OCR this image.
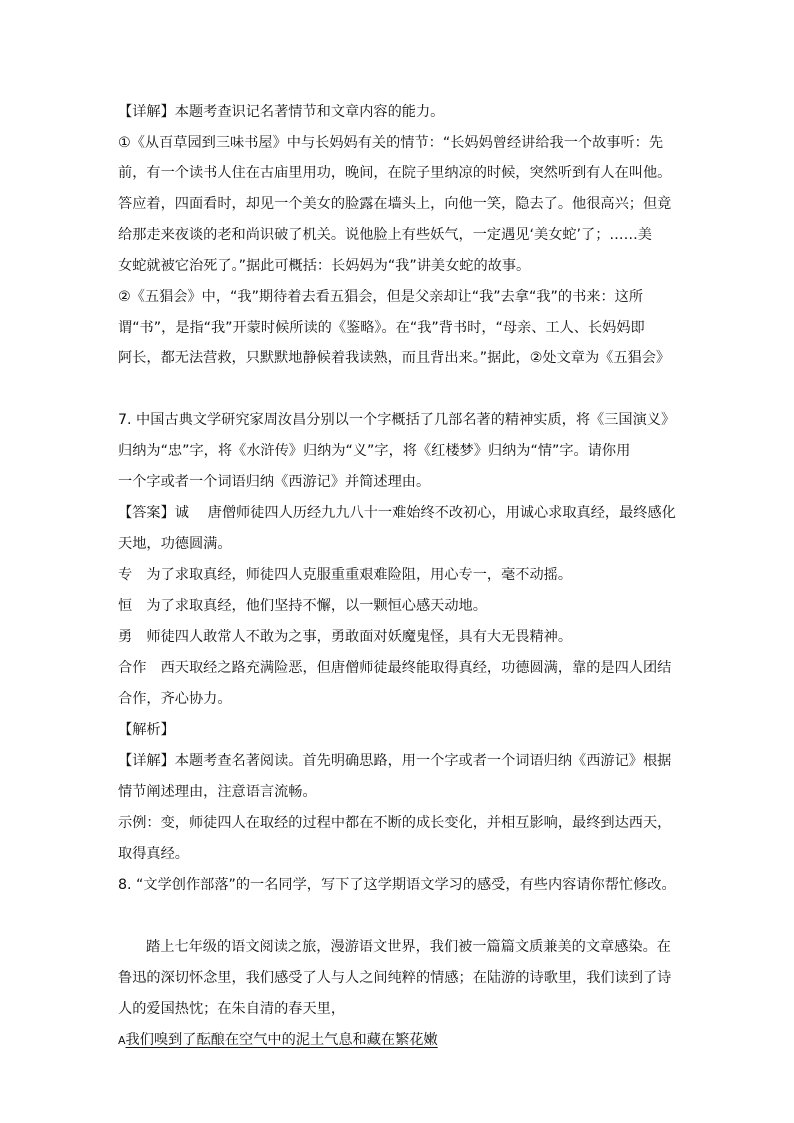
【详解】本题考查识记名著情节和文章内容的能力。
①《从百草园到三味书屋》中与长妈妈有关的情节：“长妈妈曾经讲给我一个故事听：先
前，有一个读书人住在古庙里用功，晚间，在院子里纳凉的时候，突然听到有人在叫他。
答应着，四面看时，却见一个美女的脸露在墙头上，向他一笑，隐去了。他很高兴；但竟
给那走来夜谈的老和尚识破了机关。说他脸上有些妖气，一定遇见‘美女蛇’了；……美
女蛇就被它治死了。”据此可概括：长妈妈为“我”讲美女蛇的故事。
②《五猖会》中，“我”期待着去看五猖会，但是父亲却让“我”去拿“我”的书来：这所
谓“书”，是指“我”开蒙时候所读的《鉴略》。在“我”背书时，“母亲、工人、长妈妈即
阿长，都无法营救，只默默地静候着我读熟，而且背出来。”据此，②处文章为《五猖会》
7. 中国古典文学研究家周汝昌分别以一个字概括了几部名著的精神实质，将《三国演义》
归纳为“忠”字，将《水浒传》归纳为“义”字，将《红楼梦》归纳为“情”字。请你用
一个字或者一个词语归纳《西游记》并简述理由。
【答案】诚　 唐僧师徒四人历经九九八十一难始终不改初心，用诚心求取真经，最终感化
天地，功德圆满。
专　为了求取真经，师徒四人克服重重艰难险阻，用心专一，毫不动摇。
恒　为了求取真经，他们坚持不懈，以一颗恒心感天动地。
勇　师徒四人敢常人不敢为之事，勇敢面对妖魔鬼怪，具有大无畏精神。
合作　西天取经之路充满险恶，但唐僧师徒最终能取得真经，功德圆满，靠的是四人团结
合作，齐心协力。
【解析】
【详解】本题考查名著阅读。首先明确思路，用一个字或者一个词语归纳《西游记》根据
情节阐述理由，注意语言流畅。
示例：变，师徒四人在取经的过程中都在不断的成长变化，并相互影响，最终到达西天，
取得真经。
8. “文学创作部落”的一名同学，写下了这学期语文学习的感受，有些内容请你帮忙修改。
踏上七年级的语文阅读之旅，漫游语文世界，我们被一篇篇文质兼美的文章感染。在
鲁迅的深切怀念里，我们感受了人与人之间纯粹的情感；在陆游的诗歌里，我们读到了诗
人的爱国热忱；在朱自清的春天里，
A我们嗅到了酝酿在空气中的泥土气息和藏在繁花嫩
